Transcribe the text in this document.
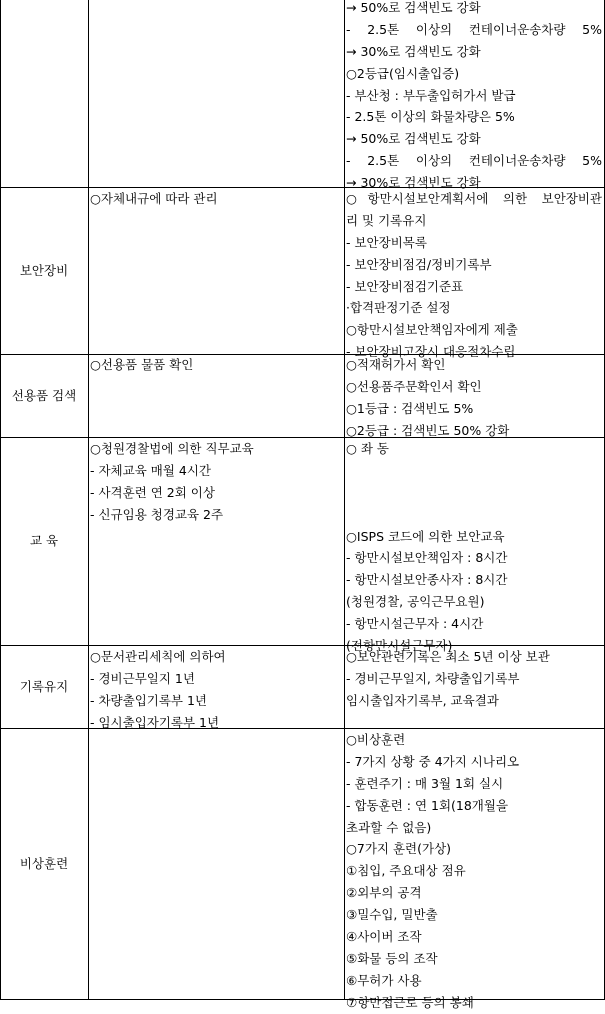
→ 50%로 검색빈도 강화
- 2.5톤 이상의 컨테이너운송차량 5%
→ 30%로 검색빈도 강화
○2등급(임시출입증)
- 부산청 : 부두출입허가서 발급
- 2.5톤 이상의 화물차량은 5%
→ 50%로 검색빈도 강화
- 2.5톤 이상의 컨테이너운송차량 5%
→ 30%로 검색빈도 강화
보안장비
○자체내규에 따라 관리	○항만시설보안계획서에 의한 보안장비관
리 및 기록유지
- 보안장비목록
- 보안장비점검/정비기록부
- 보안장비점검기준표
·합격판정기준 설정
○항만시설보안책임자에게 제출
- 보안장비고장시 대응절차수립
선용품 검색
○선용품 물품 확인	○적재허가서 확인
○선용품주문확인서 확인
○1등급 : 검색빈도 5%
○2등급 : 검색빈도 50% 강화
교 육
○청원경찰법에 의한 직무교육
- 자체교육 매월 4시간
- 사격훈련 연 2회 이상
- 신규임용 청경교육 2주
○ 좌 동
○ISPS 코드에 의한 보안교육
- 항만시설보안책임자 : 8시간
- 항만시설보안종사자 : 8시간
(청원경찰, 공익근무요원)
- 항만시설근무자 : 4시간
(전항만시설근무자)
기록유지
○문서관리세칙에 의하여
- 경비근무일지 1년
- 차량출입기록부 1년
- 임시출입자기록부 1년
○보안관련기록은 최소 5년 이상 보관
- 경비근무일지, 차량출입기록부
임시출입자기록부, 교육결과
비상훈련
○비상훈련
- 7가지 상황 중 4가지 시나리오
- 훈련주기 : 매 3월 1회 실시
- 합동훈련 : 연 1회(18개월을
초과할 수 없음)
○7가지 훈련(가상)
①침입, 주요대상 점유
②외부의 공격
③밀수입, 밀반출
④사이버 조작
⑤화물 등의 조작
⑥무허가 사용
⑦항만접근로 등의 봉쇄
